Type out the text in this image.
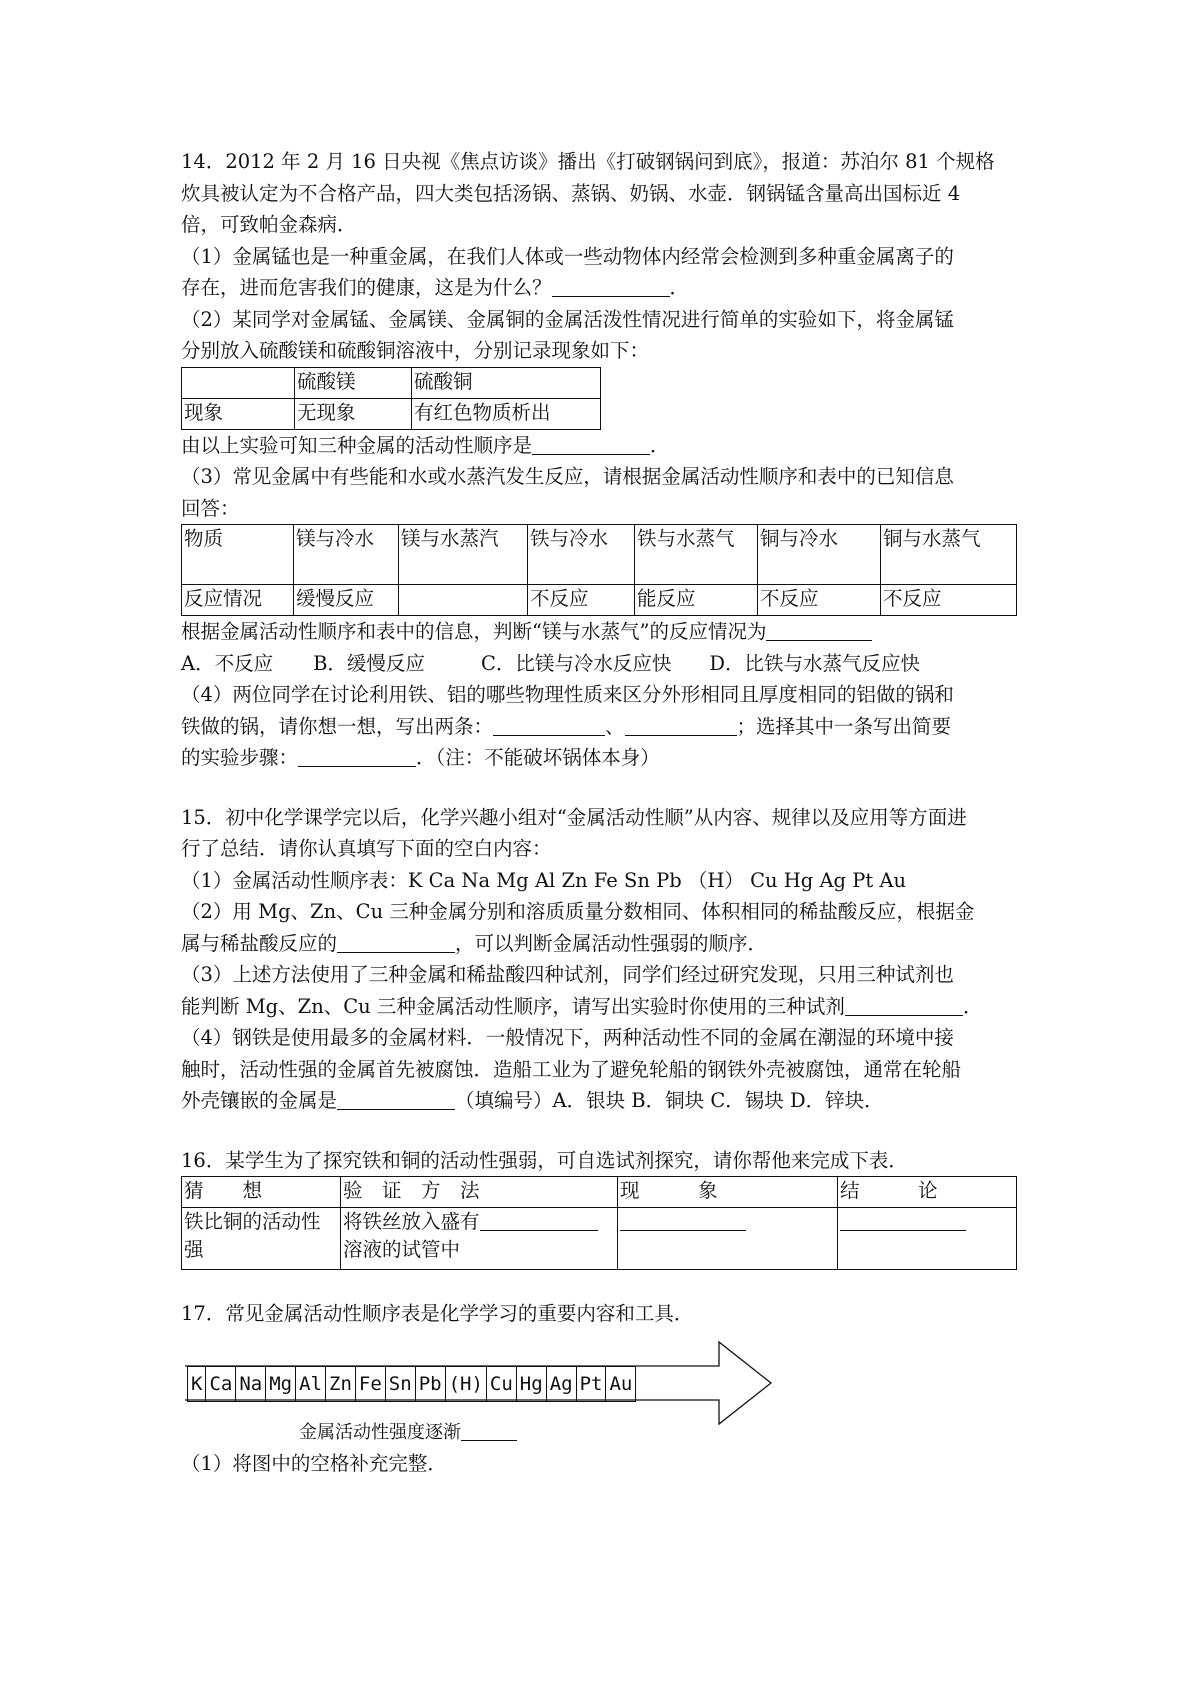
14．2012 年 2 月 16 日央视《焦点访谈》播出《打破钢锅问到底》，报道：苏泊尔 81 个规格
炊具被认定为不合格产品，四大类包括汤锅、蒸锅、奶锅、水壶．钢锅锰含量高出国标近 4
倍，可致帕金森病．
（1）金属锰也是一种重金属，在我们人体或一些动物体内经常会检测到多种重金属离子的
存在，进而危害我们的健康，这是为什么？	．
（2）某同学对金属锰、金属镁、金属铜的金属活泼性情况进行简单的实验如下，将金属锰
分别放入硫酸镁和硫酸铜溶液中，分别记录现象如下：
	硫酸镁	硫酸铜
现象	无现象	有红色物质析出
由以上实验可知三种金属的活动性顺序是	．
（3）常见金属中有些能和水或水蒸汽发生反应，请根据金属活动性顺序和表中的已知信息
回答：
物质	镁与冷水	镁与水蒸汽	铁与冷水	铁与水蒸气	铜与冷水	铜与水蒸气
反应情况	缓慢反应		不反应	能反应	不反应	不反应
根据金属活动性顺序和表中的信息，判断“镁与水蒸气”的反应情况为
A．不反应 B．缓慢反应	C．比镁与冷水反应快 D．比铁与水蒸气反应快
（4）两位同学在讨论利用铁、铝的哪些物理性质来区分外形相同且厚度相同的铝做的锅和
铁做的锅，请你想一想，写出两条：	、	；选择其中一条写出简要
的实验步骤：	．（注：不能破坏锅体本身）
15．初中化学课学完以后，化学兴趣小组对“金属活动性顺”从内容、规律以及应用等方面进
行了总结．请你认真填写下面的空白内容：
（1）金属活动性顺序表：K Ca Na Mg Al Zn Fe Sn Pb （H） Cu Hg Ag Pt Au
（2）用 Mg、Zn、Cu 三种金属分别和溶质质量分数相同、体积相同的稀盐酸反应，根据金
属与稀盐酸反应的	，可以判断金属活动性强弱的顺序．
（3）上述方法使用了三种金属和稀盐酸四种试剂，同学们经过研究发现，只用三种试剂也
能判断 Mg、Zn、Cu 三种金属活动性顺序，请写出实验时你使用的三种试剂	．
（4）钢铁是使用最多的金属材料．一般情况下，两种活动性不同的金属在潮湿的环境中接
触时，活动性强的金属首先被腐蚀．造船工业为了避免轮船的钢铁外壳被腐蚀，通常在轮船
外壳镶嵌的金属是	（填编号）A．银块 B．铜块 C．锡块 D．锌块．
16．某学生为了探究铁和铜的活动性强弱，可自选试剂探究，请你帮他来完成下表．
猜　　想	验　证　方　法	现　　　象	结　　　论
铁比铜的活动性强	将铁丝放入盛有
溶液的试管中		
17．常见金属活动性顺序表是化学学习的重要内容和工具．
K Ca Na Mg Al Zn Fe Sn Pb (H) Cu Hg Ag Pt Au
金属活动性强度逐渐
（1）将图中的空格补充完整．
